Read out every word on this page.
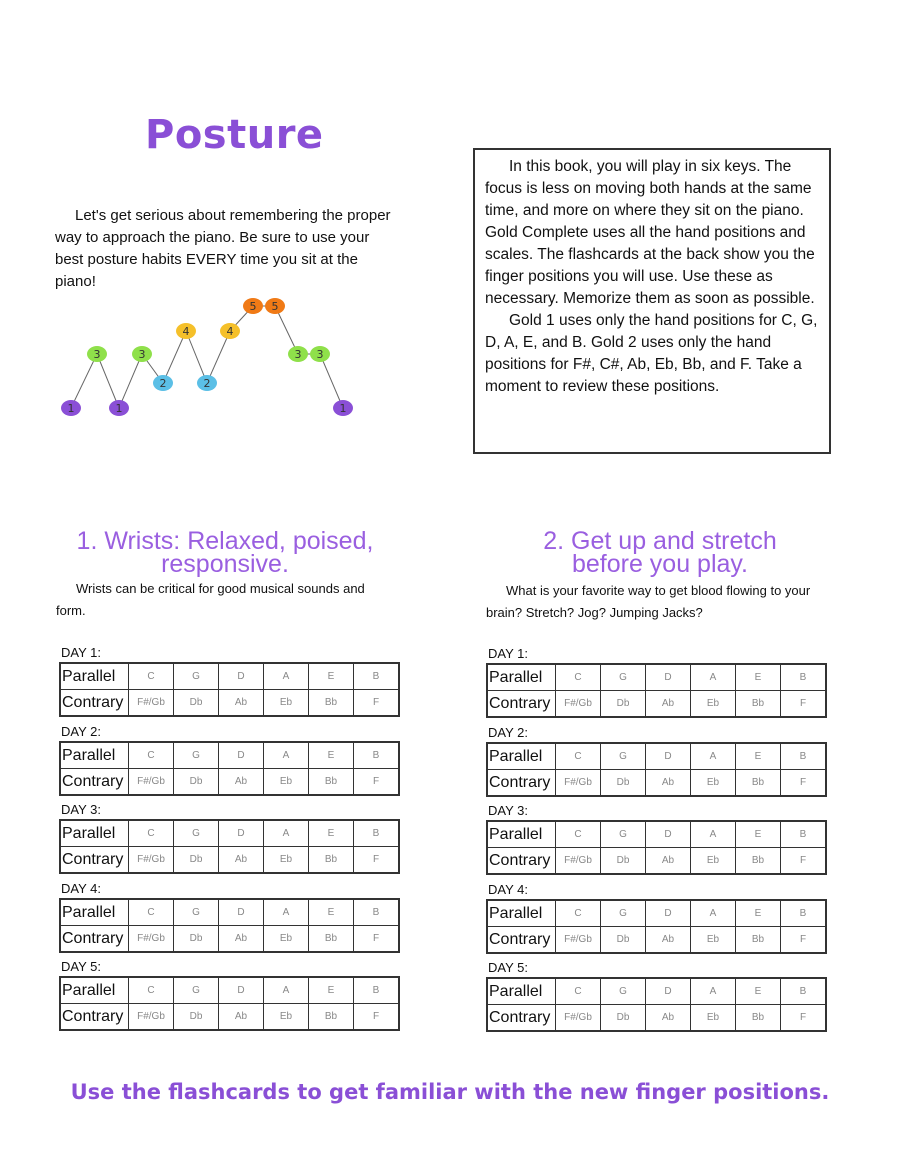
Posture
Let's get serious about remembering the proper way to approach the piano. Be sure to use your best posture habits EVERY time you sit at the piano!

In this book, you will play in six keys. The focus is less on moving both hands at the same time, and more on where they sit on the piano. Gold Complete uses all the hand positions and scales. The flashcards at the back show you the finger positions you will use. Use these as necessary. Memorize them as soon as possible.

Gold 1 uses only the hand positions for C, G, D, A, E, and B. Gold 2 uses only the hand positions for F#, C#, Ab, Eb, Bb, and F. Take a moment to review these positions.

1
3
1
3
2
4
2
4
5 5
3 3
1
1. Wrists: Relaxed, poised, responsive.
Wrists can be critical for good musical sounds and form.
2. Get up and stretch before you play.
What is your favorite way to get blood flowing to your brain? Stretch? Jog? Jumping Jacks?
DAY 1:
Parallel	C	G	D	A	E	B
Contrary	F#/Gb	Db	Ab	Eb	Bb	F
DAY 2:
Parallel	C	G	D	A	E	B
Contrary	F#/Gb	Db	Ab	Eb	Bb	F
DAY 3:
Parallel	C	G	D	A	E	B
Contrary	F#/Gb	Db	Ab	Eb	Bb	F
DAY 4:
Parallel	C	G	D	A	E	B
Contrary	F#/Gb	Db	Ab	Eb	Bb	F
DAY 5:
Parallel	C	G	D	A	E	B
Contrary	F#/Gb	Db	Ab	Eb	Bb	F
DAY 1:
Parallel	C	G	D	A	E	B
Contrary	F#/Gb	Db	Ab	Eb	Bb	F
DAY 2:
Parallel	C	G	D	A	E	B
Contrary	F#/Gb	Db	Ab	Eb	Bb	F
DAY 3:
Parallel	C	G	D	A	E	B
Contrary	F#/Gb	Db	Ab	Eb	Bb	F
DAY 4:
Parallel	C	G	D	A	E	B
Contrary	F#/Gb	Db	Ab	Eb	Bb	F
DAY 5:
Parallel	C	G	D	A	E	B
Contrary	F#/Gb	Db	Ab	Eb	Bb	F
Use the flashcards to get familiar with the new finger positions.
